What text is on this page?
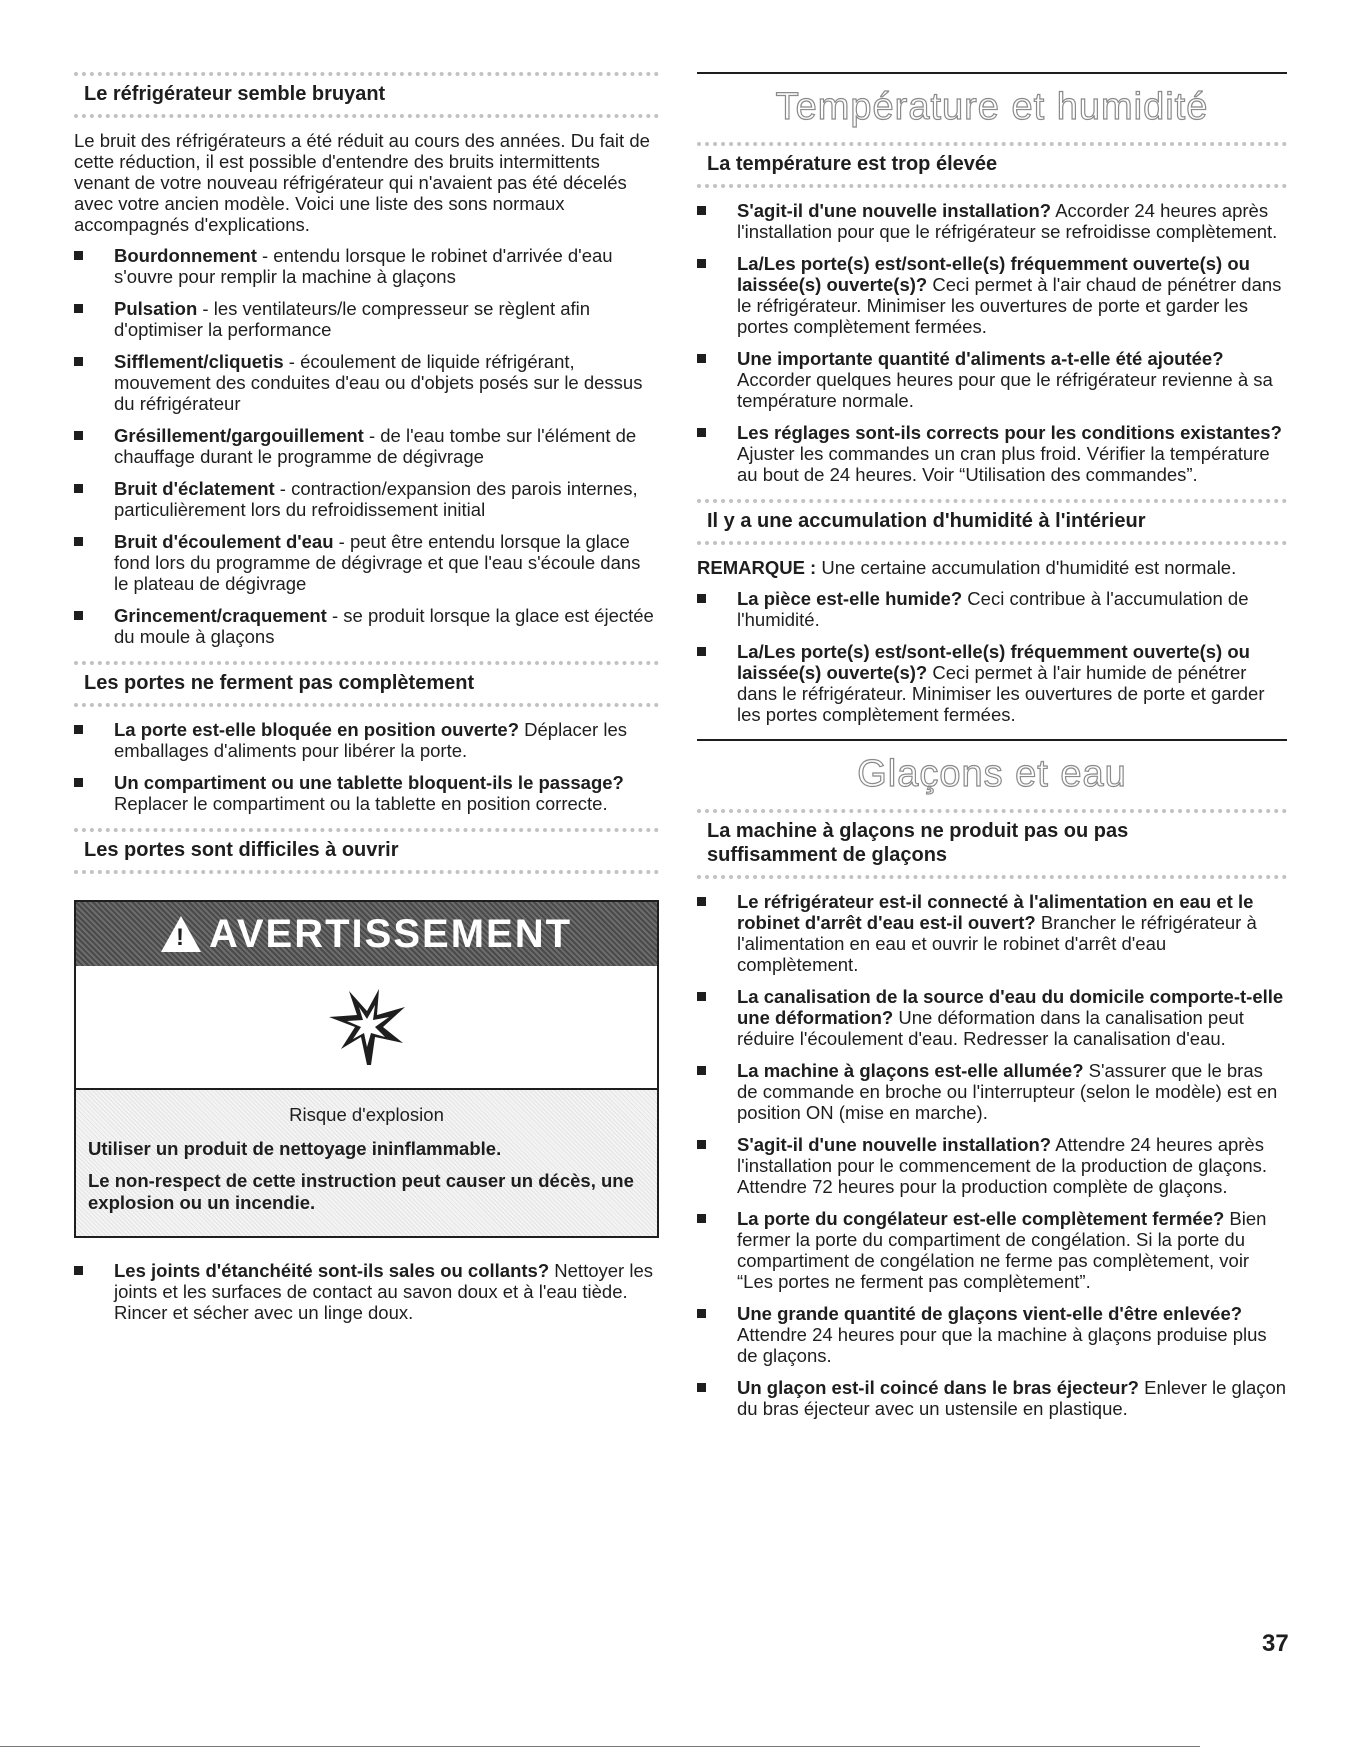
Le réfrigérateur semble bruyant

Le bruit des réfrigérateurs a été réduit au cours des années. Du fait de cette réduction, il est possible d'entendre des bruits intermittents venant de votre nouveau réfrigérateur qui n'avaient pas été décelés avec votre ancien modèle. Voici une liste des sons normaux accompagnés d'explications.

Bourdonnement - entendu lorsque le robinet d'arrivée d'eau s'ouvre pour remplir la machine à glaçons
Pulsation - les ventilateurs/le compresseur se règlent afin d'optimiser la performance
Sifflement/cliquetis - écoulement de liquide réfrigérant, mouvement des conduites d'eau ou d'objets posés sur le dessus du réfrigérateur
Grésillement/gargouillement - de l'eau tombe sur l'élément de chauffage durant le programme de dégivrage
Bruit d'éclatement - contraction/expansion des parois internes, particulièrement lors du refroidissement initial
Bruit d'écoulement d'eau - peut être entendu lorsque la glace fond lors du programme de dégivrage et que l'eau s'écoule dans le plateau de dégivrage
Grincement/craquement - se produit lorsque la glace est éjectée du moule à glaçons
Les portes ne ferment pas complètement
La porte est-elle bloquée en position ouverte? Déplacer les emballages d'aliments pour libérer la porte.
Un compartiment ou une tablette bloquent-ils le passage? Replacer le compartiment ou la tablette en position correcte.
Les portes sont difficiles à ouvrir
!
AVERTISSEMENT

Risque d'explosion

Utiliser un produit de nettoyage ininflammable.

Le non-respect de cette instruction peut causer un décès, une explosion ou un incendie.

Les joints d'étanchéité sont-ils sales ou collants? Nettoyer les joints et les surfaces de contact au savon doux et à l'eau tiède. Rincer et sécher avec un linge doux.
Température et humidité
La température est trop élevée
S'agit-il d'une nouvelle installation? Accorder 24 heures après l'installation pour que le réfrigérateur se refroidisse complètement.
La/Les porte(s) est/sont-elle(s) fréquemment ouverte(s) ou laissée(s) ouverte(s)? Ceci permet à l'air chaud de pénétrer dans le réfrigérateur. Minimiser les ouvertures de porte et garder les portes complètement fermées.
Une importante quantité d'aliments a-t-elle été ajoutée? Accorder quelques heures pour que le réfrigérateur revienne à sa température normale.
Les réglages sont-ils corrects pour les conditions existantes? Ajuster les commandes un cran plus froid. Vérifier la température au bout de 24 heures. Voir “Utilisation des commandes”.
Il y a une accumulation d'humidité à l'intérieur

REMARQUE : Une certaine accumulation d'humidité est normale.

La pièce est-elle humide? Ceci contribue à l'accumulation de l'humidité.
La/Les porte(s) est/sont-elle(s) fréquemment ouverte(s) ou laissée(s) ouverte(s)? Ceci permet à l'air humide de pénétrer dans le réfrigérateur. Minimiser les ouvertures de porte et garder les portes complètement fermées.
Glaçons et eau
La machine à glaçons ne produit pas ou pas
suffisamment de glaçons
Le réfrigérateur est-il connecté à l'alimentation en eau et le robinet d'arrêt d'eau est-il ouvert? Brancher le réfrigérateur à l'alimentation en eau et ouvrir le robinet d'arrêt d'eau complètement.
La canalisation de la source d'eau du domicile comporte-t-elle une déformation? Une déformation dans la canalisation peut réduire l'écoulement d'eau. Redresser la canalisation d'eau.
La machine à glaçons est-elle allumée? S'assurer que le bras de commande en broche ou l'interrupteur (selon le modèle) est en position ON (mise en marche).
S'agit-il d'une nouvelle installation? Attendre 24 heures après l'installation pour le commencement de la production de glaçons. Attendre 72 heures pour la production complète de glaçons.
La porte du congélateur est-elle complètement fermée? Bien fermer la porte du compartiment de congélation. Si la porte du compartiment de congélation ne ferme pas complètement, voir “Les portes ne ferment pas complètement”.
Une grande quantité de glaçons vient-elle d'être enlevée? Attendre 24 heures pour que la machine à glaçons produise plus de glaçons.
Un glaçon est-il coincé dans le bras éjecteur? Enlever le glaçon du bras éjecteur avec un ustensile en plastique.
37
